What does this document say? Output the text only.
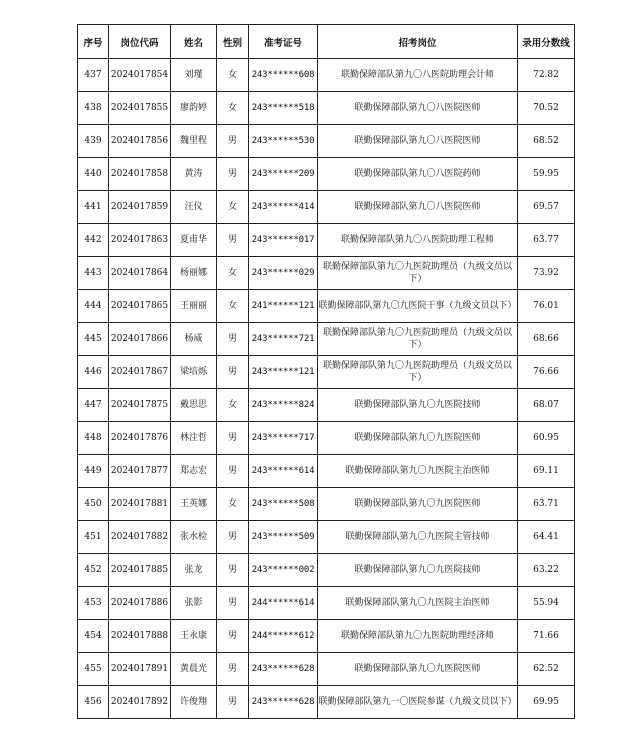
序号	岗位代码	姓名	性别	准考证号	招考岗位	录用分数线
437	2024017854	刘瑾	女	243******608	联勤保障部队第九〇八医院助理会计师	72.82
438	2024017855	廖韵婷	女	243******518	联勤保障部队第九〇八医院医师	70.52
439	2024017856	魏里程	男	243******530	联勤保障部队第九〇八医院医师	68.52
440	2024017858	黄涛	男	243******209	联勤保障部队第九〇八医院药师	59.95
441	2024017859	汪仪	女	243******414	联勤保障部队第九〇八医院医师	69.57
442	2024017863	夏甫华	男	243******017	联勤保障部队第九〇八医院助理工程师	63.77
443	2024017864	杨丽娜	女	243******029	联勤保障部队第九〇九医院助理员（九级文员以下）	73.92
444	2024017865	王丽丽	女	241******121	联勤保障部队第九〇九医院干事（九级文员以下）	76.01
445	2024017866	杨威	男	243******721	联勤保障部队第九〇九医院助理员（九级文员以下）	68.66
446	2024017867	梁培烁	男	243******121	联勤保障部队第九〇九医院助理员（九级文员以下）	76.66
447	2024017875	戴思思	女	243******824	联勤保障部队第九〇九医院技师	68.07
448	2024017876	林注哲	男	243******717	联勤保障部队第九〇九医院医师	60.95
449	2024017877	郑志宏	男	243******614	联勤保障部队第九〇九医院主治医师	69.11
450	2024017881	王英娜	女	243******508	联勤保障部队第九〇九医院医师	63.71
451	2024017882	张水检	男	243******509	联勤保障部队第九〇九医院主管技师	64.41
452	2024017885	张龙	男	243******002	联勤保障部队第九〇九医院技师	63.22
453	2024017886	张影	男	244******614	联勤保障部队第九〇九医院主治医师	55.94
454	2024017888	王永康	男	244******612	联勤保障部队第九〇九医院助理经济师	71.66
455	2024017891	黄晨光	男	243******628	联勤保障部队第九〇九医院医师	62.52
456	2024017892	许俊翔	男	243******628	联勤保障部队第九一〇医院参谋（九级文员以下）	69.95
